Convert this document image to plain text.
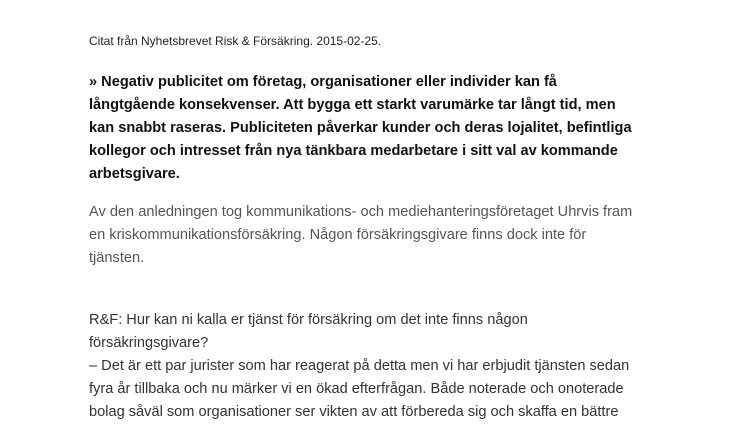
Citat från Nyhetsbrevet Risk & Försäkring. 2015-02-25.

» Negativ publicitet om företag, organisationer eller individer kan få
långtgående konsekvenser. Att bygga ett starkt varumärke tar långt tid, men
kan snabbt raseras. Publiciteten påverkar kunder och deras lojalitet, befintliga
kollegor och intresset från nya tänkbara medarbetare i sitt val av kommande
arbetsgivare.

Av den anledningen tog kommunikations- och mediehanteringsföretaget Uhrvis fram
en kriskommunikationsförsäkring. Någon försäkringsgivare finns dock inte för
tjänsten.

R&F: Hur kan ni kalla er tjänst för försäkring om det inte finns någon
försäkringsgivare?
– Det är ett par jurister som har reagerat på detta men vi har erbjudit tjänsten sedan
fyra år tillbaka och nu märker vi en ökad efterfrågan. Både noterade och onoterade
bolag såväl som organisationer ser vikten av att förbereda sig och skaffa en bättre
